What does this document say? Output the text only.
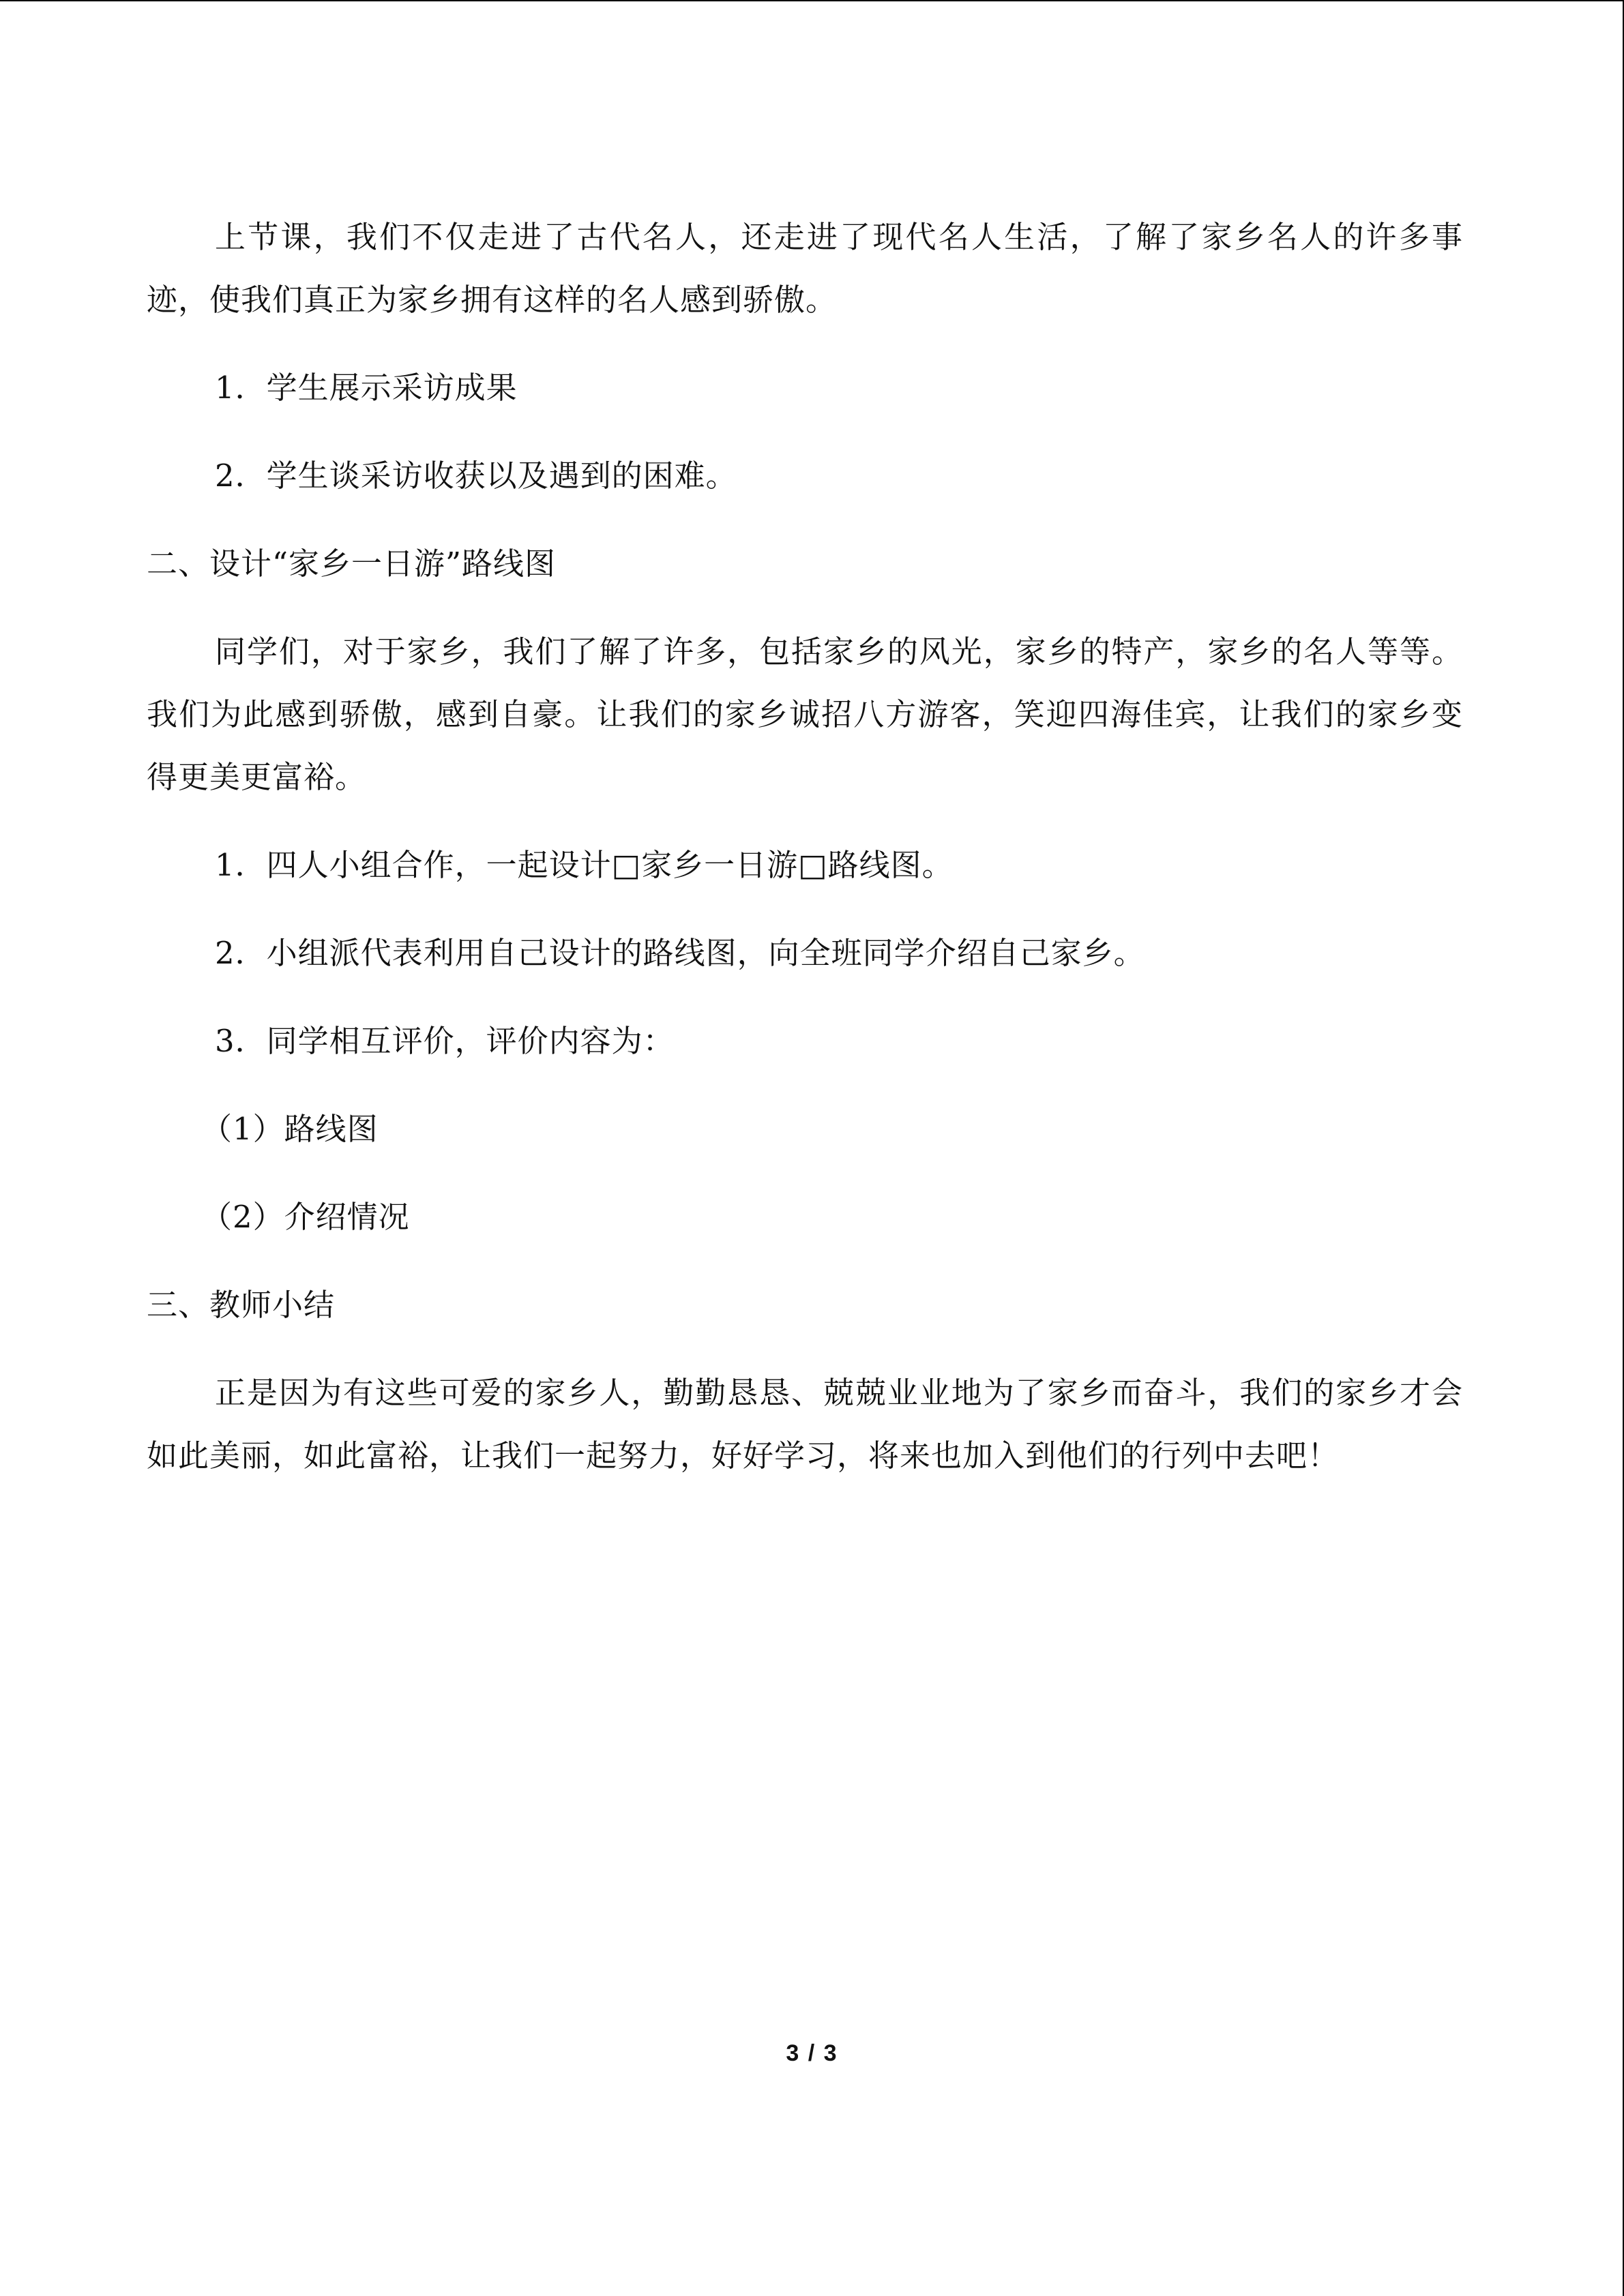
上节课，我们不仅走进了古代名人，还走进了现代名人生活，了解了家乡名人的许多事迹，使我们真正为家乡拥有这样的名人感到骄傲。

1．学生展示采访成果

2．学生谈采访收获以及遇到的困难。

二、设计“家乡一日游”路线图

同学们，对于家乡，我们了解了许多，包括家乡的风光，家乡的特产，家乡的名人等等。我们为此感到骄傲，感到自豪。让我们的家乡诚招八方游客，笑迎四海佳宾，让我们的家乡变得更美更富裕。

1．四人小组合作，一起设计□家乡一日游□路线图。

2．小组派代表利用自己设计的路线图，向全班同学介绍自己家乡。

3．同学相互评价，评价内容为：

（1）路线图

（2）介绍情况

三、教师小结

正是因为有这些可爱的家乡人，勤勤恳恳、兢兢业业地为了家乡而奋斗，我们的家乡才会如此美丽，如此富裕，让我们一起努力，好好学习，将来也加入到他们的行列中去吧！

3 / 3
